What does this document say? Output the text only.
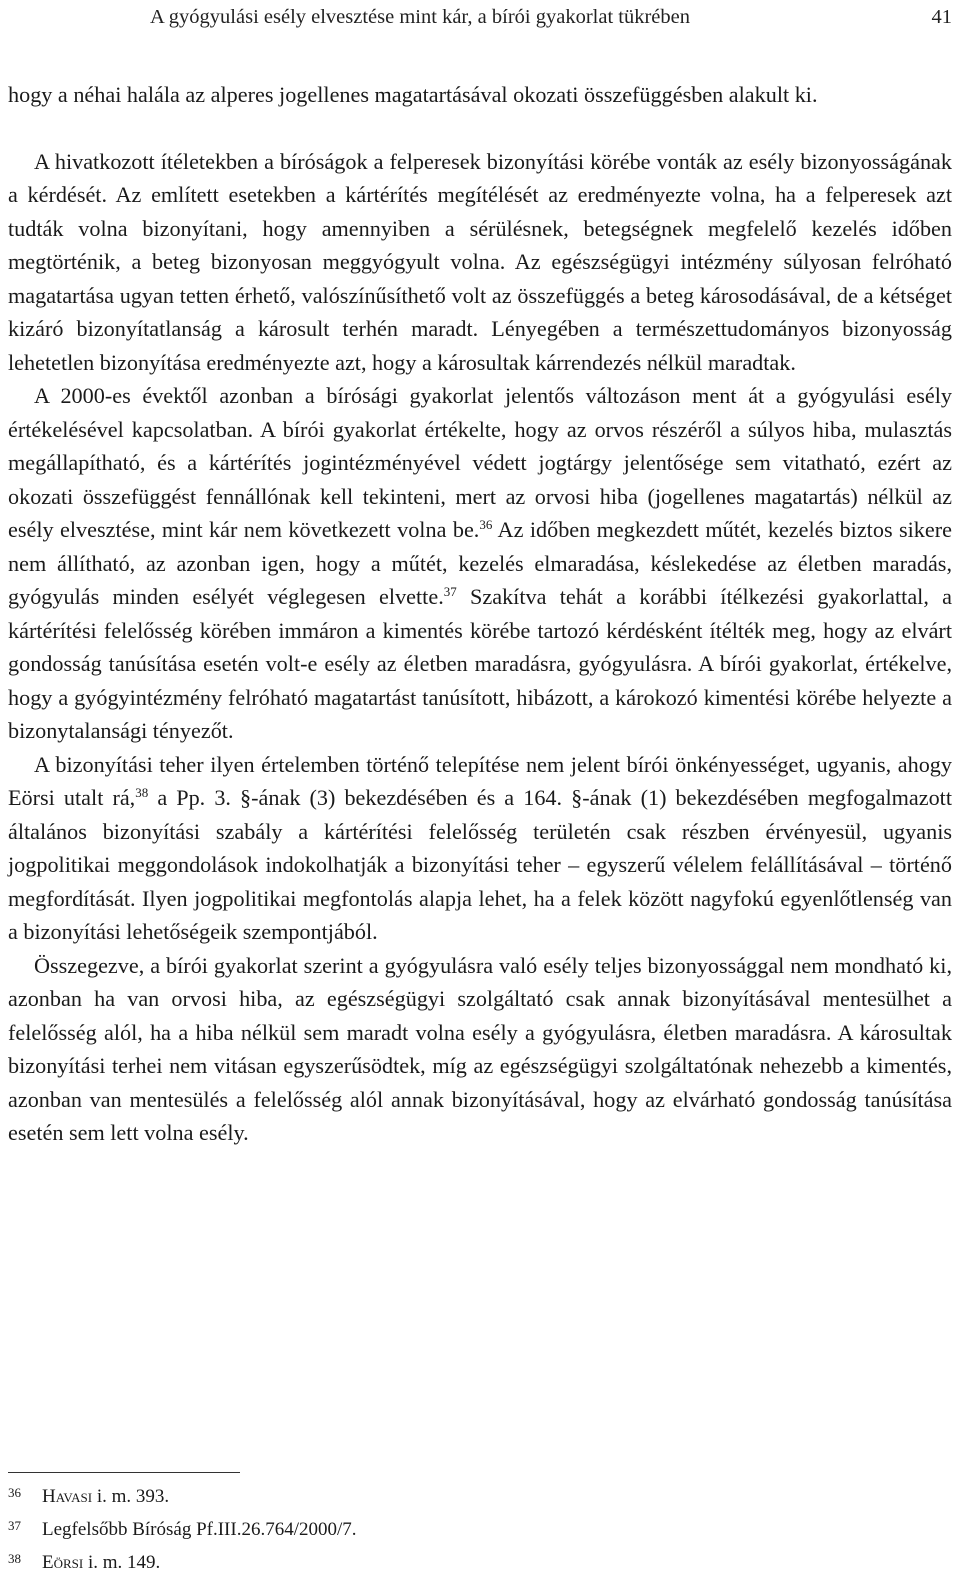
A gyógyulási esély elvesztése mint kár, a bírói gyakorlat tükrében	41

hogy a néhai halála az alperes jogellenes magatartásával okozati összefüggésben alakult ki.

A hivatkozott ítéletekben a bíróságok a felperesek bizonyítási körébe vonták az esély bizonyosságának a kérdését. Az említett esetekben a kártérítés megítélését az eredményezte volna, ha a felperesek azt tudták volna bizonyítani, hogy amennyiben a sérülésnek, betegségnek megfelelő kezelés időben megtörténik, a beteg bizonyosan meggyógyult volna. Az egészségügyi intézmény súlyosan felróható magatartása ugyan tetten érhető, valószínűsíthető volt az összefüggés a beteg károsodásával, de a kétséget kizáró bizonyítatlanság a károsult terhén maradt. Lényegében a természettudományos bizonyosság lehetetlen bizonyítása eredményezte azt, hogy a károsultak kárrendezés nélkül maradtak.

A 2000-es évektől azonban a bírósági gyakorlat jelentős változáson ment át a gyógyulási esély értékelésével kapcsolatban. A bírói gyakorlat értékelte, hogy az orvos részéről a súlyos hiba, mulasztás megállapítható, és a kártérítés jogintézményével védett jogtárgy jelentősége sem vitatható, ezért az okozati összefüggést fennállónak kell tekinteni, mert az orvosi hiba (jogellenes magatartás) nélkül az esély elvesztése, mint kár nem következett volna be.$^{36}$ Az időben megkezdett műtét, kezelés biztos sikere nem állítható, az azonban igen, hogy a műtét, kezelés elmaradása, késlekedése az életben maradás, gyógyulás minden esélyét véglegesen elvette.$^{37}$ Szakítva tehát a korábbi ítélkezési gyakorlattal, a kártérítési felelősség körében immáron a kimentés körébe tartozó kérdésként ítélték meg, hogy az elvárt gondosság tanúsítása esetén volt-e esély az életben maradásra, gyógyulásra. A bírói gyakorlat, értékelve, hogy a gyógyintézmény felróható magatartást tanúsított, hibázott, a károkozó kimentési körébe helyezte a bizonytalansági tényezőt.

A bizonyítási teher ilyen értelemben történő telepítése nem jelent bírói önkényességet, ugyanis, ahogy Eörsi utalt rá,$^{38}$ a Pp. 3. §-ának (3) bekezdésében és a 164. §-ának (1) bekezdésében megfogalmazott általános bizonyítási szabály a kártérítési felelősség területén csak részben érvényesül, ugyanis jogpolitikai meggondolások indokolhatják a bizonyítási teher – egyszerű vélelem felállításával – történő megfordítását. Ilyen jogpolitikai megfontolás alapja lehet, ha a felek között nagyfokú egyenlőtlenség van a bizonyítási lehetőségeik szempontjából.

Összegezve, a bírói gyakorlat szerint a gyógyulásra való esély teljes bizonyossággal nem mondható ki, azonban ha van orvosi hiba, az egészségügyi szolgáltató csak annak bizonyításával mentesülhet a felelősség alól, ha a hiba nélkül sem maradt volna esély a gyógyulásra, életben maradásra. A károsultak bizonyítási terhei nem vitásan egyszerűsödtek, míg az egészségügyi szolgáltatónak nehezebb a kimentés, azonban van mentesülés a felelősség alól annak bizonyításával, hogy az elvárható gondosság tanúsítása esetén sem lett volna esély.

36 Havasi i. m. 393.
37 Legfelsőbb Bíróság Pf.III.26.764/2000/7.
38 Eörsi i. m. 149.
